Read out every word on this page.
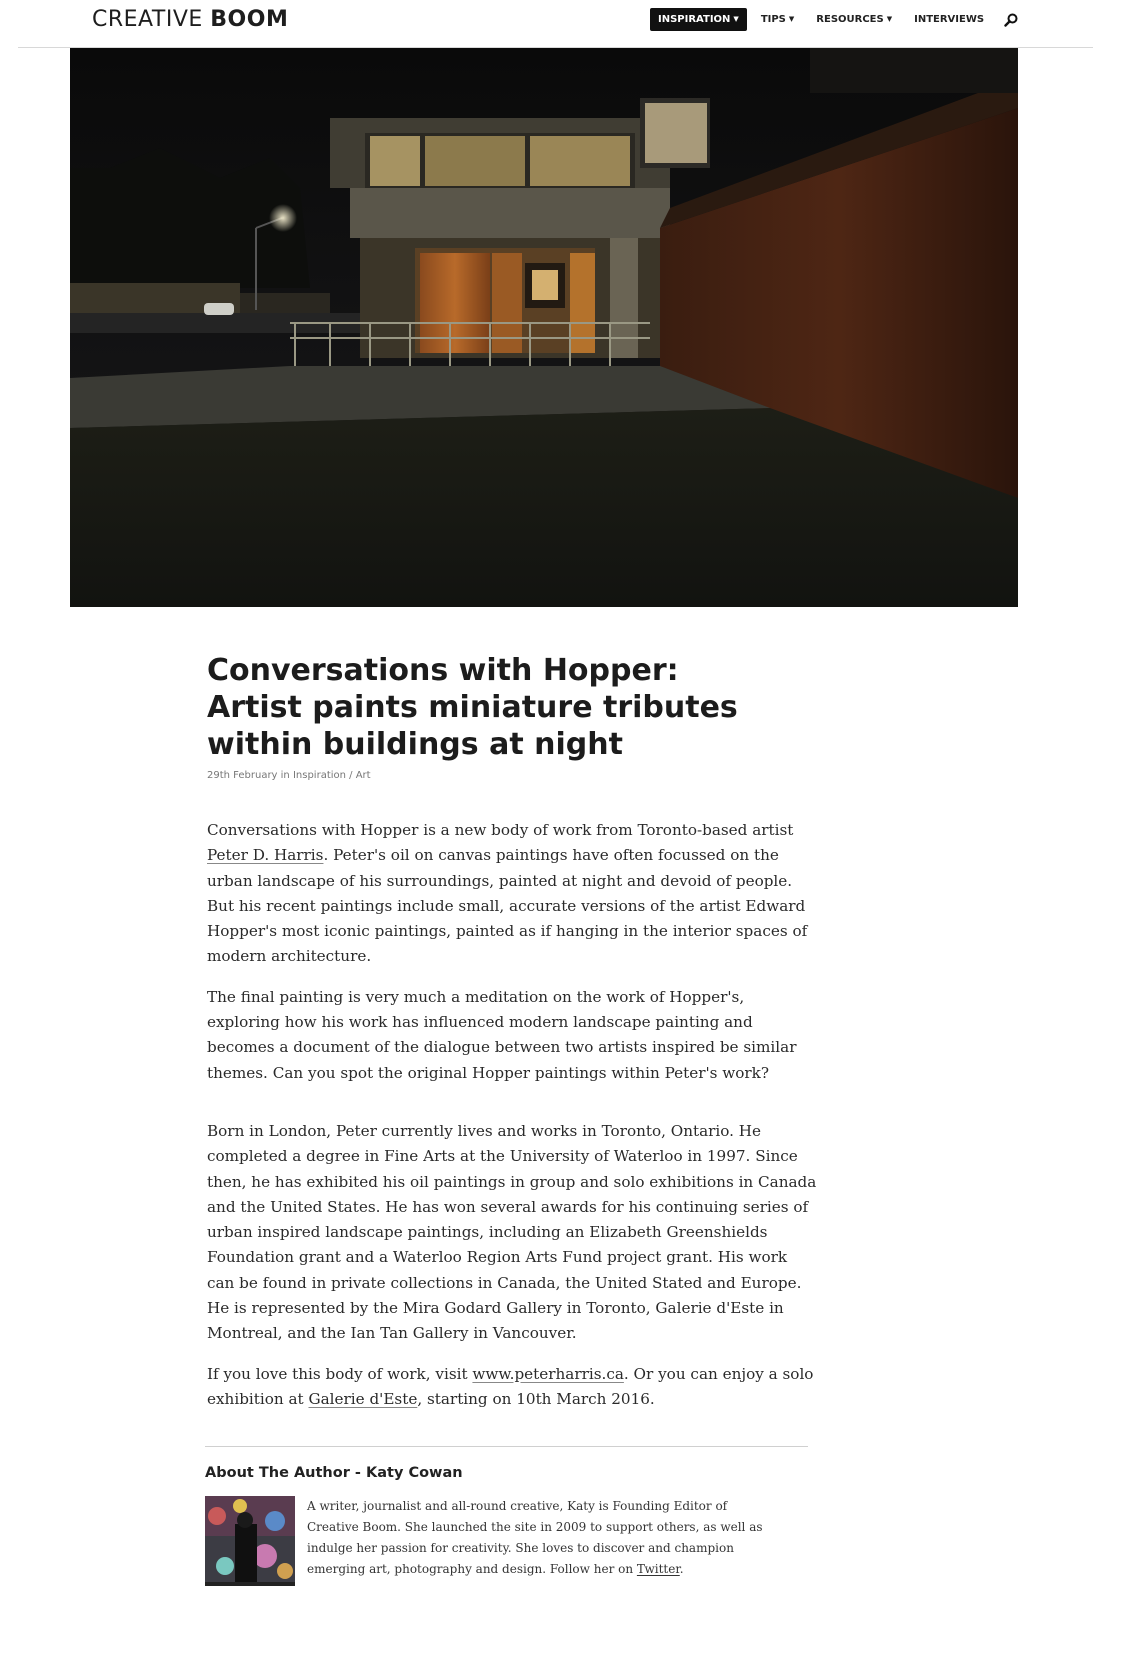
CREATIVE BOOM	INSPIRATION ▼	TIPS ▼	RESOURCES ▼	INTERVIEWS
Conversations with Hopper: Artist paints miniature tributes within buildings at night
29th February in Inspiration / Art

Conversations with Hopper is a new body of work from Toronto-based artist Peter D. Harris. Peter's oil on canvas paintings have often focussed on the urban landscape of his surroundings, painted at night and devoid of people. But his recent paintings include small, accurate versions of the artist Edward Hopper's most iconic paintings, painted as if hanging in the interior spaces of modern architecture.

The final painting is very much a meditation on the work of Hopper's, exploring how his work has influenced modern landscape painting and becomes a document of the dialogue between two artists inspired be similar themes. Can you spot the original Hopper paintings within Peter's work?

Born in London, Peter currently lives and works in Toronto, Ontario. He completed a degree in Fine Arts at the University of Waterloo in 1997. Since then, he has exhibited his oil paintings in group and solo exhibitions in Canada and the United States. He has won several awards for his continuing series of urban inspired landscape paintings, including an Elizabeth Greenshields Foundation grant and a Waterloo Region Arts Fund project grant. His work can be found in private collections in Canada, the United Stated and Europe. He is represented by the Mira Godard Gallery in Toronto, Galerie d'Este in Montreal, and the Ian Tan Gallery in Vancouver.

If you love this body of work, visit www.peterharris.ca. Or you can enjoy a solo exhibition at Galerie d'Este, starting on 10th March 2016.

About The Author - Katy Cowan
A writer, journalist and all-round creative, Katy is Founding Editor of Creative Boom. She launched the site in 2009 to support others, as well as indulge her passion for creativity. She loves to discover and champion emerging art, photography and design. Follow her on Twitter.
